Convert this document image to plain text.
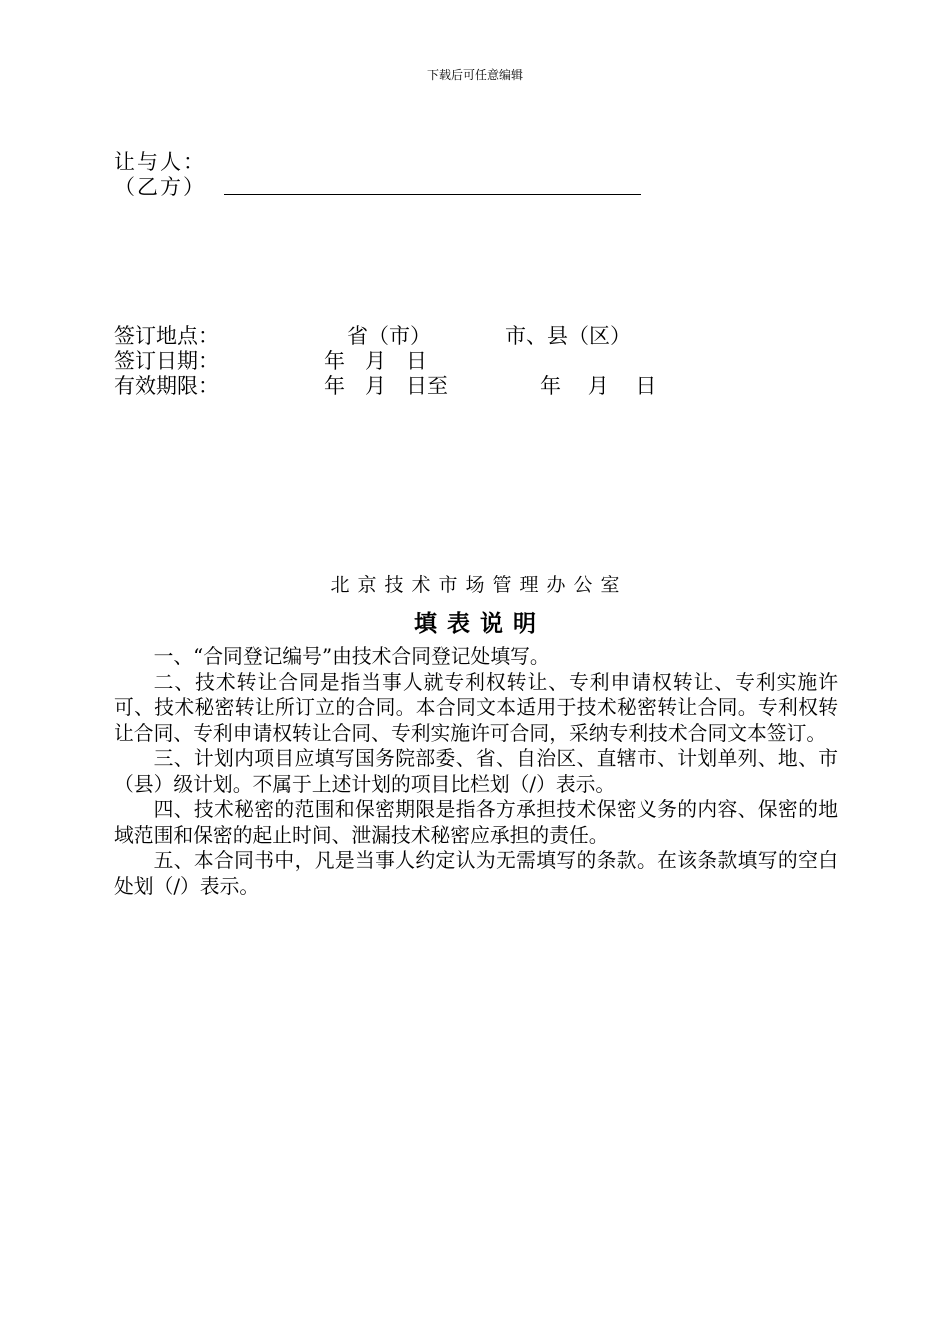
下载后可任意编辑
让与人：
（乙方）
签订地点：	省（市）	市、县（区）
签订日期：	年   月   日
有效期限：	年   月   日至	年    月    日
北京技术市场管理办公室
填表说明

一、“合同登记编号”由技术合同登记处填写。

二、技术转让合同是指当事人就专利权转让、专利申请权转让、专利实施许可、技术秘密转让所订立的合同。本合同文本适用于技术秘密转让合同。专利权转让合同、专利申请权转让合同、专利实施许可合同，采纳专利技术合同文本签订。

三、计划内项目应填写国务院部委、省、自治区、直辖市、计划单列、地、市（县）级计划。不属于上述计划的项目比栏划（/）表示。

四、技术秘密的范围和保密期限是指各方承担技术保密义务的内容、保密的地域范围和保密的起止时间、泄漏技术秘密应承担的责任。

五、本合同书中，凡是当事人约定认为无需填写的条款。在该条款填写的空白处划（/）表示。
